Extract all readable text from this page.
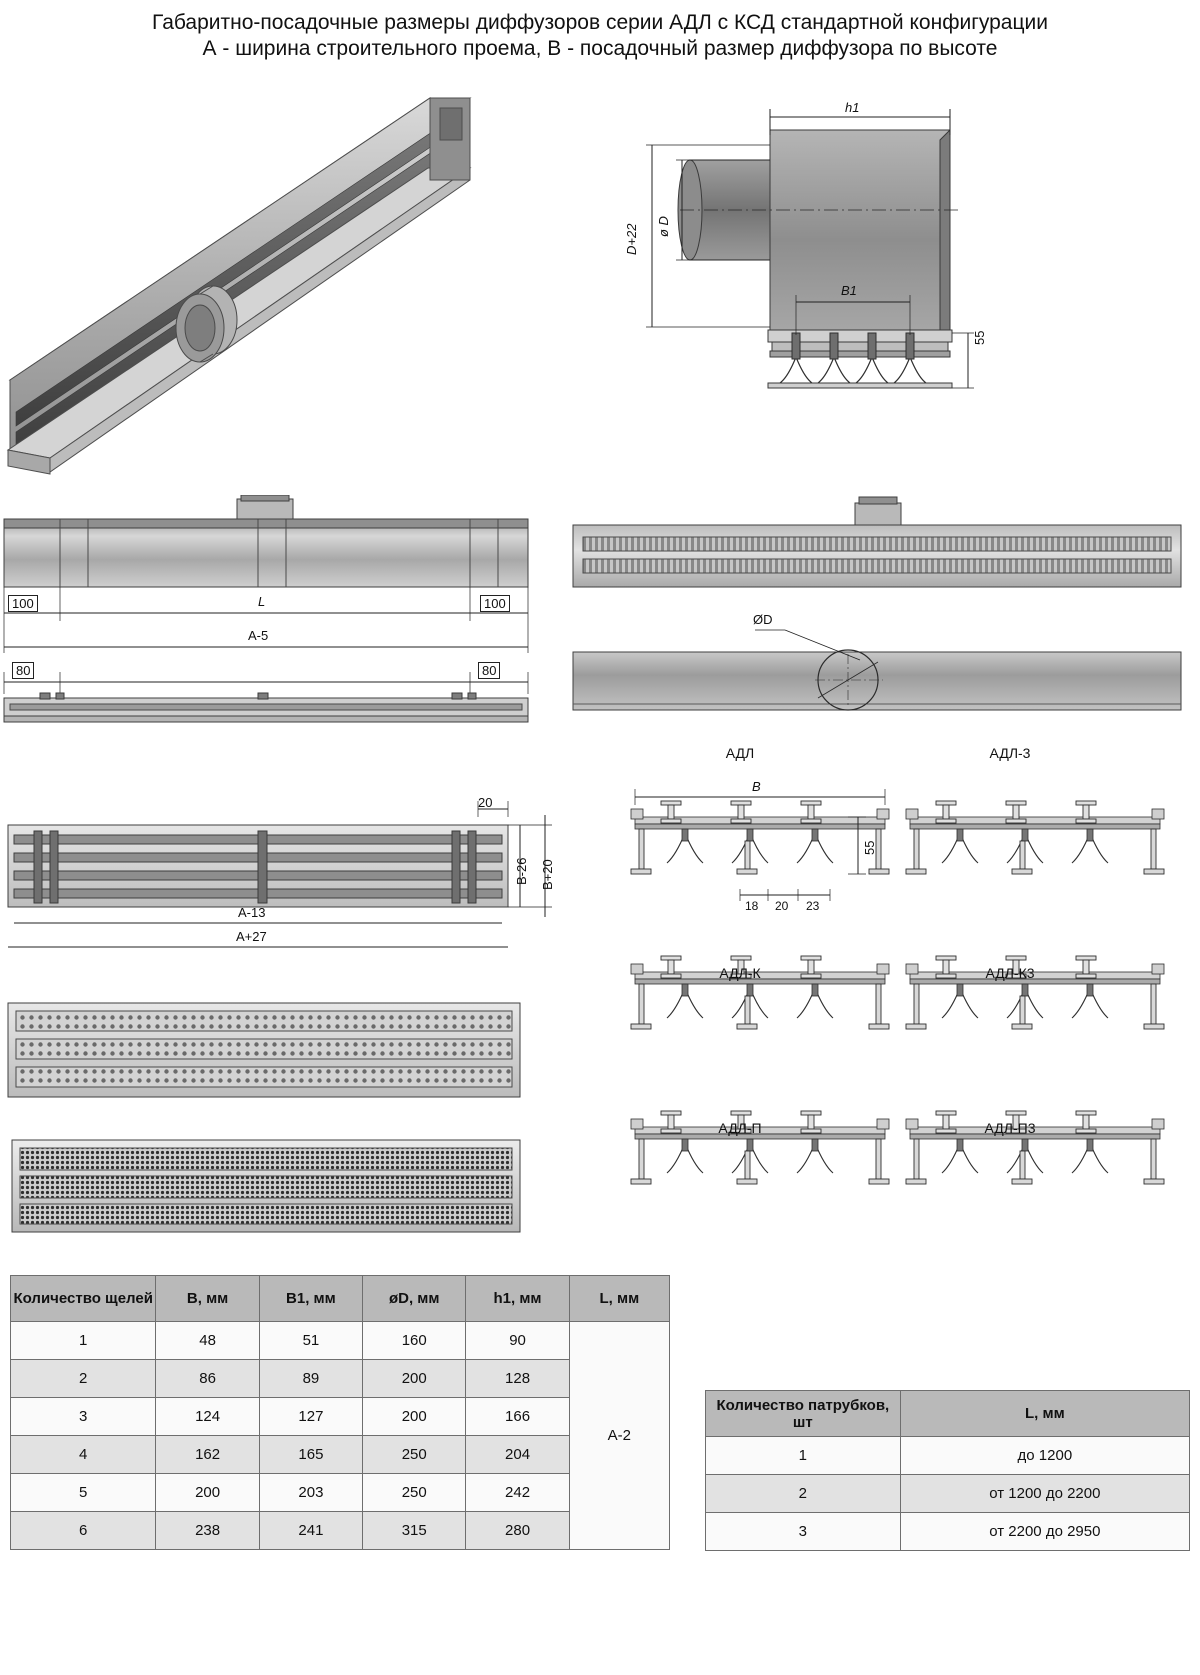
Габаритно-посадочные размеры диффузоров серии АДЛ с КСД стандартной конфигурации
А - ширина строительного проема, В - посадочный размер диффузора по высоте
h1
D+22 ø D
B1
55
100	100
L
А-5
80	80
ØD
АДЛ	АДЛ-3
20
B-26 B+20
А-13
А+27
B
55
18 20 23
АДЛ-К	АДЛ-К3
АДЛ-П	АДЛ-П3
Количество щелей	B, мм	B1, мм	øD, мм	h1, мм	L, мм
1	48	51	160	90	А-2
2	86	89	200	128	
3	124	127	200	166	
4	162	165	250	204	
5	200	203	250	242	
6	238	241	315	280	
Количество патрубков, шт	L, мм
1	до 1200
2	от 1200 до 2200
3	от 2200 до 2950
